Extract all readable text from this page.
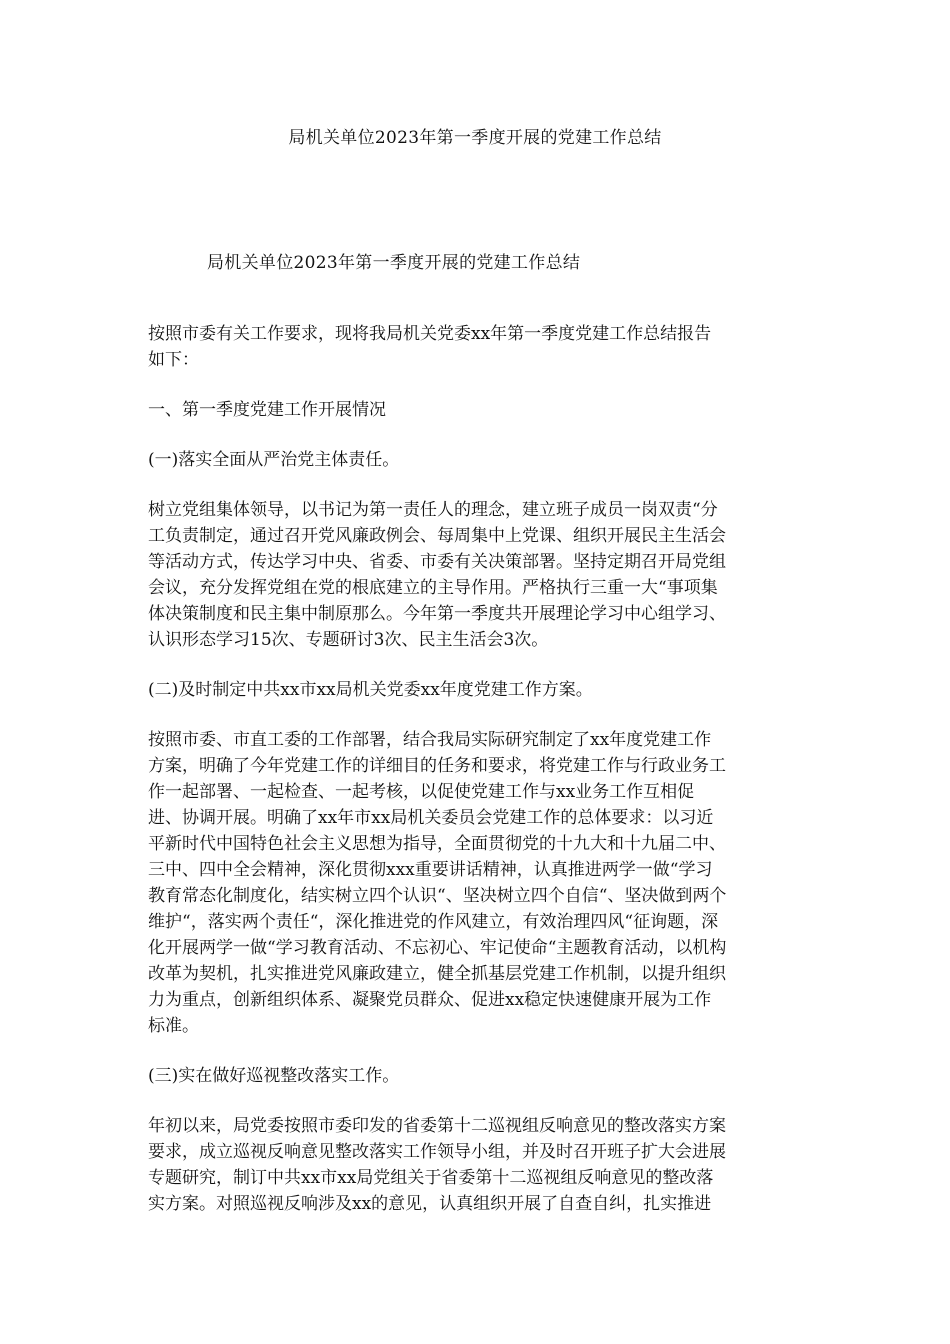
局机关单位2023年第一季度开展的党建工作总结
局机关单位2023年第一季度开展的党建工作总结

按照市委有关工作要求，现将我局机关党委xx年第一季度党建工作总结报告
如下：

一、第一季度党建工作开展情况

(一)落实全面从严治党主体责任。

树立党组集体领导，以书记为第一责任人的理念，建立班子成员一岗双责“分
工负责制定，通过召开党风廉政例会、每周集中上党课、组织开展民主生活会
等活动方式，传达学习中央、省委、市委有关决策部署。坚持定期召开局党组
会议，充分发挥党组在党的根底建立的主导作用。严格执行三重一大“事项集
体决策制度和民主集中制原那么。今年第一季度共开展理论学习中心组学习、
认识形态学习15次、专题研讨3次、民主生活会3次。

(二)及时制定中共xx市xx局机关党委xx年度党建工作方案。

按照市委、市直工委的工作部署，结合我局实际研究制定了xx年度党建工作
方案，明确了今年党建工作的详细目的任务和要求，将党建工作与行政业务工
作一起部署、一起检查、一起考核，以促使党建工作与xx业务工作互相促
进、协调开展。明确了xx年市xx局机关委员会党建工作的总体要求：以习近
平新时代中国特色社会主义思想为指导，全面贯彻党的十九大和十九届二中、
三中、四中全会精神，深化贯彻xxx重要讲话精神，认真推进两学一做“学习
教育常态化制度化，结实树立四个认识“、坚决树立四个自信“、坚决做到两个
维护“，落实两个责任“，深化推进党的作风建立，有效治理四风“征询题，深
化开展两学一做“学习教育活动、不忘初心、牢记使命“主题教育活动，以机构
改革为契机，扎实推进党风廉政建立，健全抓基层党建工作机制，以提升组织
力为重点，创新组织体系、凝聚党员群众、促进xx稳定快速健康开展为工作
标准。

(三)实在做好巡视整改落实工作。

年初以来，局党委按照市委印发的省委第十二巡视组反响意见的整改落实方案
要求，成立巡视反响意见整改落实工作领导小组，并及时召开班子扩大会进展
专题研究，制订中共xx市xx局党组关于省委第十二巡视组反响意见的整改落
实方案。对照巡视反响涉及xx的意见，认真组织开展了自查自纠，扎实推进
